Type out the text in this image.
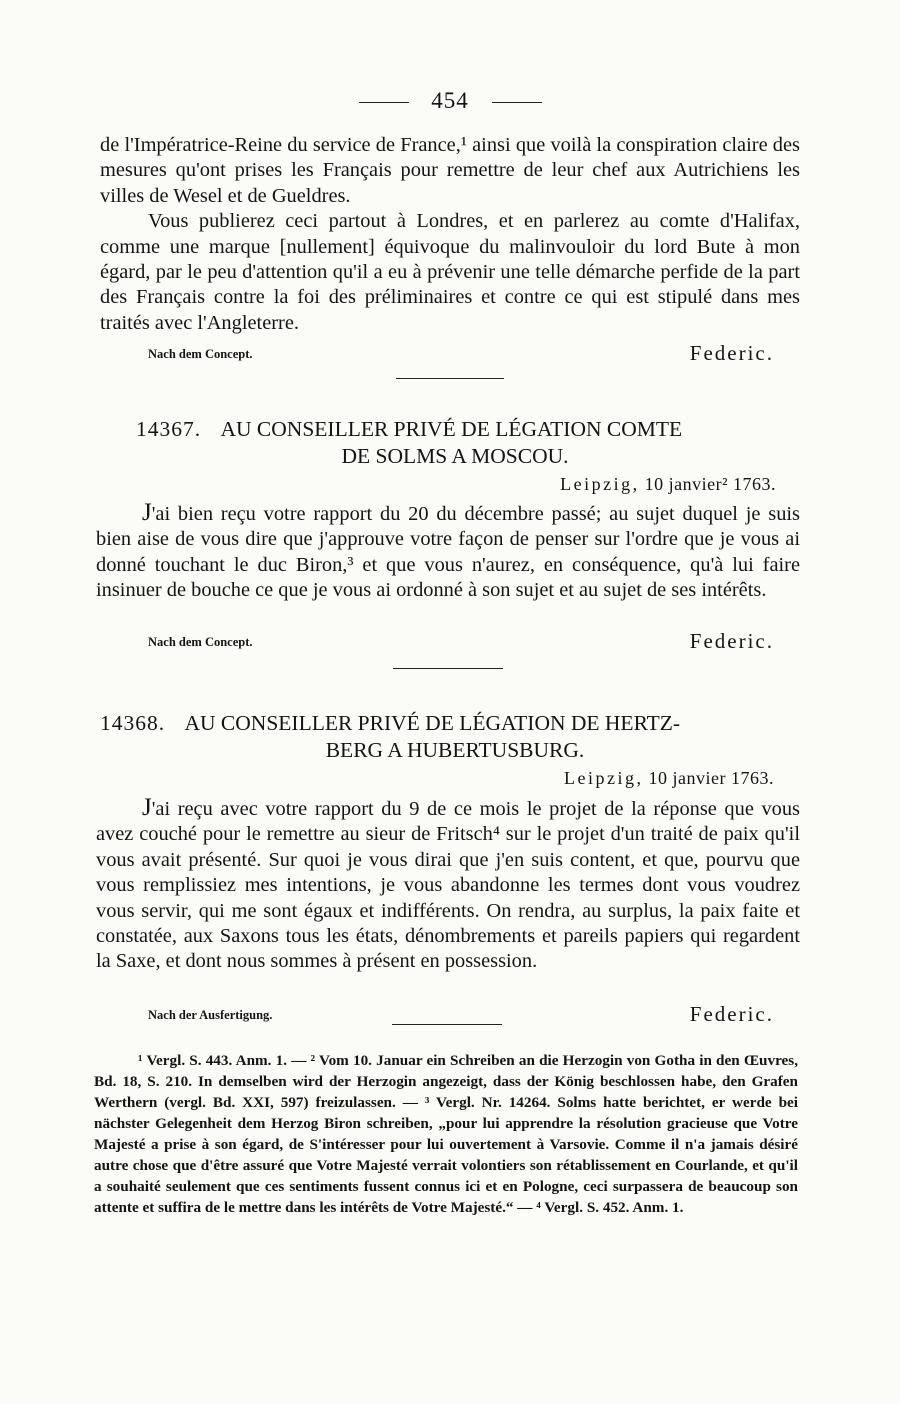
454
de l'Impératrice-Reine du service de France,¹ ainsi que voilà la conspiration claire des mesures qu'ont prises les Français pour remettre de leur chef aux Autrichiens les villes de Wesel et de Gueldres.
Vous publierez ceci partout à Londres, et en parlerez au comte d'Halifax, comme une marque [nullement] équivoque du malinvouloir du lord Bute à mon égard, par le peu d'attention qu'il a eu à prévenir une telle démarche perfide de la part des Français contre la foi des préliminaires et contre ce qui est stipulé dans mes traités avec l'Angleterre.
Nach dem Concept.	Federic.
14367. AU CONSEILLER PRIVÉ DE LÉGATION COMTE
DE SOLMS A MOSCOU.
Leipzig, 10 janvier² 1763.
J'ai bien reçu votre rapport du 20 du décembre passé; au sujet duquel je suis bien aise de vous dire que j'approuve votre façon de penser sur l'ordre que je vous ai donné touchant le duc Biron,³ et que vous n'aurez, en conséquence, qu'à lui faire insinuer de bouche ce que je vous ai ordonné à son sujet et au sujet de ses intérêts.
Nach dem Concept.	Federic.
14368. AU CONSEILLER PRIVÉ DE LÉGATION DE HERTZ-
BERG A HUBERTUSBURG.
Leipzig, 10 janvier 1763.
J'ai reçu avec votre rapport du 9 de ce mois le projet de la réponse que vous avez couché pour le remettre au sieur de Fritsch⁴ sur le projet d'un traité de paix qu'il vous avait présenté. Sur quoi je vous dirai que j'en suis content, et que, pourvu que vous remplissiez mes intentions, je vous abandonne les termes dont vous voudrez vous servir, qui me sont égaux et indifférents. On rendra, au surplus, la paix faite et constatée, aux Saxons tous les états, dénombrements et pareils papiers qui regardent la Saxe, et dont nous sommes à présent en possession.
Nach der Ausfertigung.	Federic.

¹ Vergl. S. 443. Anm. 1. — ² Vom 10. Januar ein Schreiben an die Herzogin von Gotha in den Œuvres, Bd. 18, S. 210. In demselben wird der Herzogin angezeigt, dass der König beschlossen habe, den Grafen Werthern (vergl. Bd. XXI, 597) freizulassen. — ³ Vergl. Nr. 14264. Solms hatte berichtet, er werde bei nächster Gelegenheit dem Herzog Biron schreiben, „pour lui apprendre la résolution gracieuse que Votre Majesté a prise à son égard, de S'intéresser pour lui ouvertement à Varsovie. Comme il n'a jamais désiré autre chose que d'être assuré que Votre Majesté verrait volontiers son rétablissement en Courlande, et qu'il a souhaité seulement que ces sentiments fussent connus ici et en Pologne, ceci surpassera de beaucoup son attente et suffira de le mettre dans les intérêts de Votre Majesté.“ — ⁴ Vergl. S. 452. Anm. 1.
